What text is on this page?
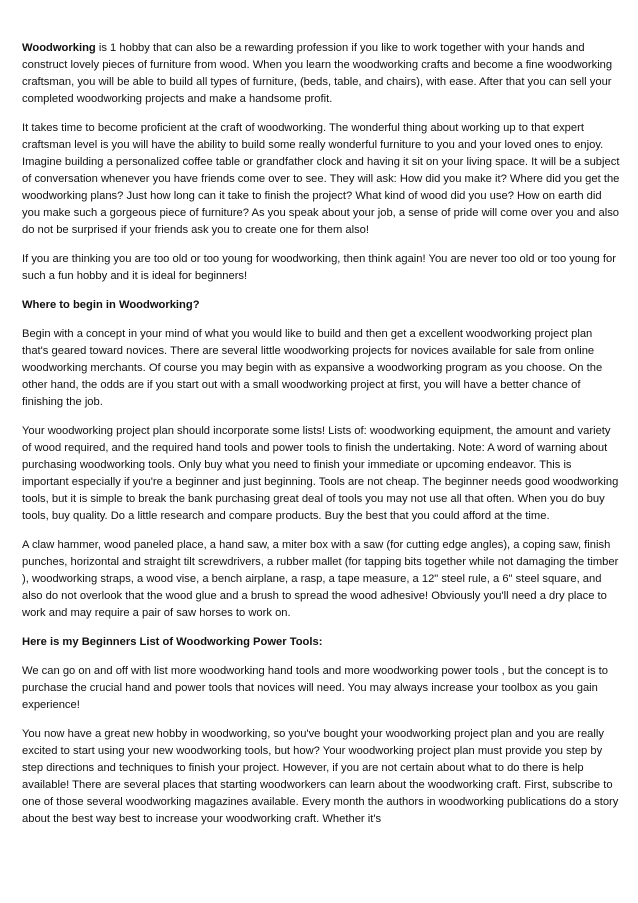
Woodworking is 1 hobby that can also be a rewarding profession if you like to work together with your hands and construct lovely pieces of furniture from wood. When you learn the woodworking crafts and become a fine woodworking craftsman, you will be able to build all types of furniture, (beds, table, and chairs), with ease. After that you can sell your completed woodworking projects and make a handsome profit.

It takes time to become proficient at the craft of woodworking. The wonderful thing about working up to that expert craftsman level is you will have the ability to build some really wonderful furniture to you and your loved ones to enjoy. Imagine building a personalized coffee table or grandfather clock and having it sit on your living space. It will be a subject of conversation whenever you have friends come over to see. They will ask: How did you make it? Where did you get the woodworking plans? Just how long can it take to finish the project? What kind of wood did you use? How on earth did you make such a gorgeous piece of furniture? As you speak about your job, a sense of pride will come over you and also do not be surprised if your friends ask you to create one for them also!

If you are thinking you are too old or too young for woodworking, then think again! You are never too old or too young for such a fun hobby and it is ideal for beginners!

Where to begin in Woodworking?

Begin with a concept in your mind of what you would like to build and then get a excellent woodworking project plan that's geared toward novices. There are several little woodworking projects for novices available for sale from online woodworking merchants. Of course you may begin with as expansive a woodworking program as you choose. On the other hand, the odds are if you start out with a small woodworking project at first, you will have a better chance of finishing the job.

Your woodworking project plan should incorporate some lists! Lists of: woodworking equipment, the amount and variety of wood required, and the required hand tools and power tools to finish the undertaking. Note: A word of warning about purchasing woodworking tools. Only buy what you need to finish your immediate or upcoming endeavor. This is important especially if you're a beginner and just beginning. Tools are not cheap. The beginner needs good woodworking tools, but it is simple to break the bank purchasing great deal of tools you may not use all that often. When you do buy tools, buy quality. Do a little research and compare products. Buy the best that you could afford at the time.

A claw hammer, wood paneled place, a hand saw, a miter box with a saw (for cutting edge angles), a coping saw, finish punches, horizontal and straight tilt screwdrivers, a rubber mallet (for tapping bits together while not damaging the timber ), woodworking straps, a wood vise, a bench airplane, a rasp, a tape measure, a 12" steel rule, a 6" steel square, and also do not overlook that the wood glue and a brush to spread the wood adhesive! Obviously you'll need a dry place to work and may require a pair of saw horses to work on.

Here is my Beginners List of Woodworking Power Tools:

We can go on and off with list more woodworking hand tools and more woodworking power tools , but the concept is to purchase the crucial hand and power tools that novices will need. You may always increase your toolbox as you gain experience!

You now have a great new hobby in woodworking, so you've bought your woodworking project plan and you are really excited to start using your new woodworking tools, but how? Your woodworking project plan must provide you step by step directions and techniques to finish your project. However, if you are not certain about what to do there is help available! There are several places that starting woodworkers can learn about the woodworking craft. First, subscribe to one of those several woodworking magazines available. Every month the authors in woodworking publications do a story about the best way best to increase your woodworking craft. Whether it's
